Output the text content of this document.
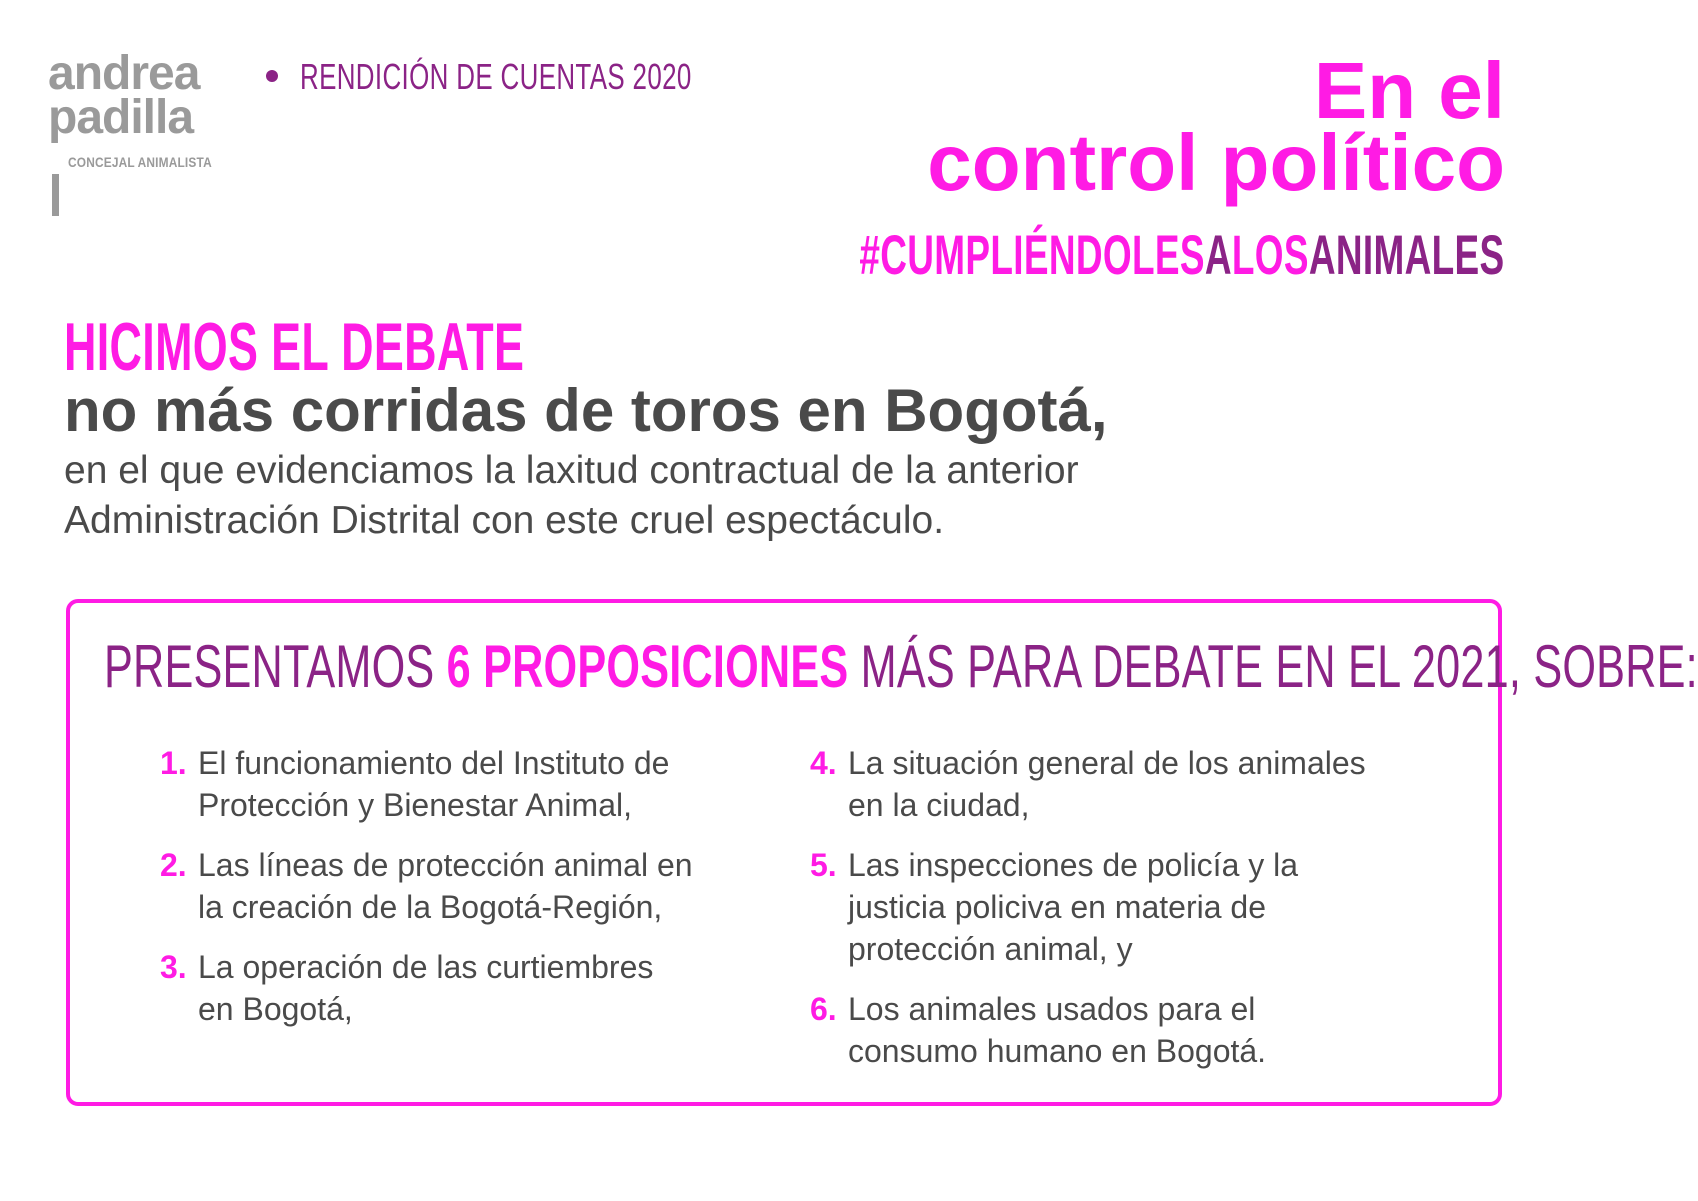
andrea
padilla
CONCEJAL ANIMALISTA
RENDICIÓN DE CUENTAS 2020	En el
control político
#CUMPLIÉNDOLESALOSANIMALES
HICIMOS EL DEBATE
no más corridas de toros en Bogotá,
en el que evidenciamos la laxitud contractual de la anterior
Administración Distrital con este cruel espectáculo.
PRESENTAMOS 6 PROPOSICIONES MÁS PARA DEBATE EN EL 2021, SOBRE:
1. El funcionamiento del Instituto de
Protección y Bienestar Animal,
2. Las líneas de protección animal en
la creación de la Bogotá-Región,
3. La operación de las curtiembres
en Bogotá,
4. La situación general de los animales
en la ciudad,
5. Las inspecciones de policía y la
justicia policiva en materia de
protección animal, y
6. Los animales usados para el
consumo humano en Bogotá.
